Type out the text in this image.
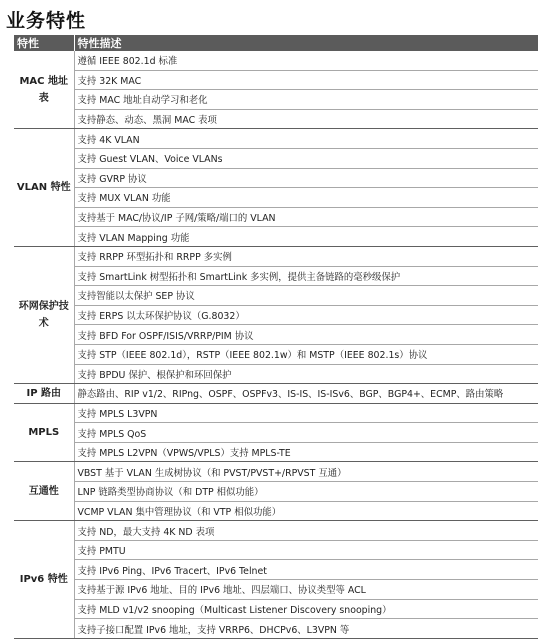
业务特性
特性	特性描述
MAC 地址表	遵循 IEEE 802.1d 标准
	支持 32K MAC
	支持 MAC 地址自动学习和老化
	支持静态、动态、黑洞 MAC 表项
VLAN 特性	支持 4K VLAN
	支持 Guest VLAN、Voice VLANs
	支持 GVRP 协议
	支持 MUX VLAN 功能
	支持基于 MAC/协议/IP 子网/策略/端口的 VLAN
	支持 VLAN Mapping 功能
环网保护技术	支持 RRPP 环型拓扑和 RRPP 多实例
	支持 SmartLink 树型拓扑和 SmartLink 多实例，提供主备链路的毫秒级保护
	支持智能以太保护 SEP 协议
	支持 ERPS 以太环保护协议（G.8032）
	支持 BFD For OSPF/ISIS/VRRP/PIM 协议
	支持 STP（IEEE 802.1d），RSTP（IEEE 802.1w）和 MSTP（IEEE 802.1s）协议
	支持 BPDU 保护、根保护和环回保护
IP 路由	静态路由、RIP v1/2、RIPng、OSPF、OSPFv3、IS-IS、IS-ISv6、BGP、BGP4+、ECMP、路由策略
MPLS	支持 MPLS L3VPN
	支持 MPLS QoS
	支持 MPLS L2VPN（VPWS/VPLS）支持 MPLS-TE
互通性	VBST 基于 VLAN 生成树协议（和 PVST/PVST+/RPVST 互通）
	LNP 链路类型协商协议（和 DTP 相似功能）
	VCMP VLAN 集中管理协议（和 VTP 相似功能）
IPv6 特性	支持 ND，最大支持 4K ND 表项
	支持 PMTU
	支持 IPv6 Ping、IPv6 Tracert、IPv6 Telnet
	支持基于源 IPv6 地址、目的 IPv6 地址、四层端口、协议类型等 ACL
	支持 MLD v1/v2 snooping（Multicast Listener Discovery snooping）
	支持子接口配置 IPv6 地址，支持 VRRP6、DHCPv6、L3VPN 等
